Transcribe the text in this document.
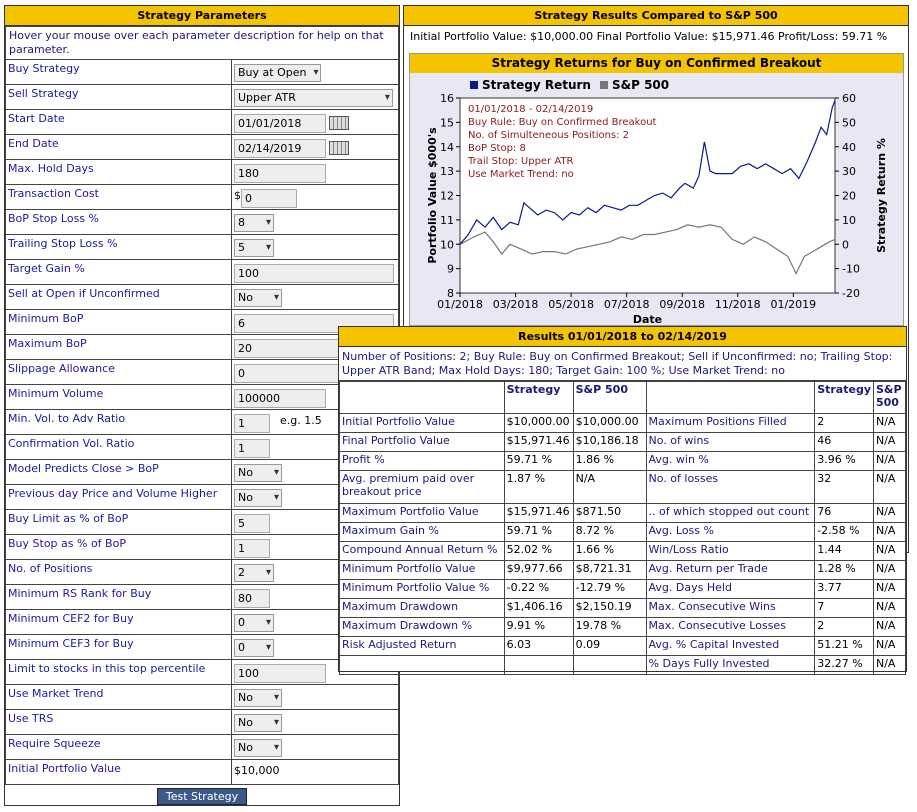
Strategy Parameters
Hover your mouse over each parameter description for help on that parameter.	
Buy Strategy	Buy at Open ▾
Sell Strategy	Upper ATR ▾
Start Date	01/01/2018
End Date	02/14/2019
Max. Hold Days	180
Transaction Cost	$ 0
BoP Stop Loss %	8 ▾
Trailing Stop Loss %	5 ▾
Target Gain %	100
Sell at Open if Unconfirmed	No ▾
Minimum BoP	6
Maximum BoP	20
Slippage Allowance	0
Minimum Volume	100000
Min. Vol. to Adv Ratio	1 e.g. 1.5
Confirmation Vol. Ratio	1
Model Predicts Close > BoP	No ▾
Previous day Price and Volume Higher	No ▾
Buy Limit as % of BoP	5
Buy Stop as % of BoP	1
No. of Positions	2 ▾
Minimum RS Rank for Buy	80
Minimum CEF2 for Buy	0 ▾
Minimum CEF3 for Buy	0 ▾
Limit to stocks in this top percentile	100
Use Market Trend	No ▾
Use TRS	No ▾
Require Squeeze	No ▾
Initial Portfolio Value	$10,000
Test Strategy
Strategy Results Compared to S&P 500
Initial Portfolio Value: $10,000.00 Final Portfolio Value: $15,971.46 Profit/Loss: 59.71 %
Strategy Returns for Buy on Confirmed Breakout
8
9
10
11
12
13
14
15
16
-20
-10
0
10
20
30
40
50
60
01/2018 03/2018 05/2018 07/2018 09/2018 11/2018 01/2019
Date
Portfolio Value $000's	Strategy Return %
Strategy Return S&P 500
01/01/2018 - 02/14/2019
Buy Rule: Buy on Confirmed Breakout
No. of Simulteneous Positions: 2
BoP Stop: 8
Trail Stop: Upper ATR
Use Market Trend: no
Results 01/01/2018 to 02/14/2019
Number of Positions: 2; Buy Rule: Buy on Confirmed Breakout; Sell if Unconfirmed: no; Trailing Stop: Upper ATR Band; Max Hold Days: 180; Target Gain: 100 %; Use Market Trend: no
	Strategy	S&P 500		Strategy	S&P 500
Initial Portfolio Value	$10,000.00	$10,000.00	Maximum Positions Filled	2	N/A
Final Portfolio Value	$15,971.46	$10,186.18	No. of wins	46	N/A
Profit %	59.71 %	1.86 %	Avg. win %	3.96 %	N/A
Avg. premium paid over breakout price	1.87 %	N/A	No. of losses	32	N/A
Maximum Portfolio Value	$15,971.46	$871.50	.. of which stopped out count	76	N/A
Maximum Gain %	59.71 %	8.72 %	Avg. Loss %	-2.58 %	N/A
Compound Annual Return %	52.02 %	1.66 %	Win/Loss Ratio	1.44	N/A
Minimum Portfolio Value	$9,977.66	$8,721.31	Avg. Return per Trade	1.28 %	N/A
Minimum Portfolio Value %	-0.22 %	-12.79 %	Avg. Days Held	3.77	N/A
Maximum Drawdown	$1,406.16	$2,150.19	Max. Consecutive Wins	7	N/A
Maximum Drawdown %	9.91 %	19.78 %	Max. Consecutive Losses	2	N/A
Risk Adjusted Return	6.03	0.09	Avg. % Capital Invested	51.21 %	N/A
			% Days Fully Invested	32.27 %	N/A
